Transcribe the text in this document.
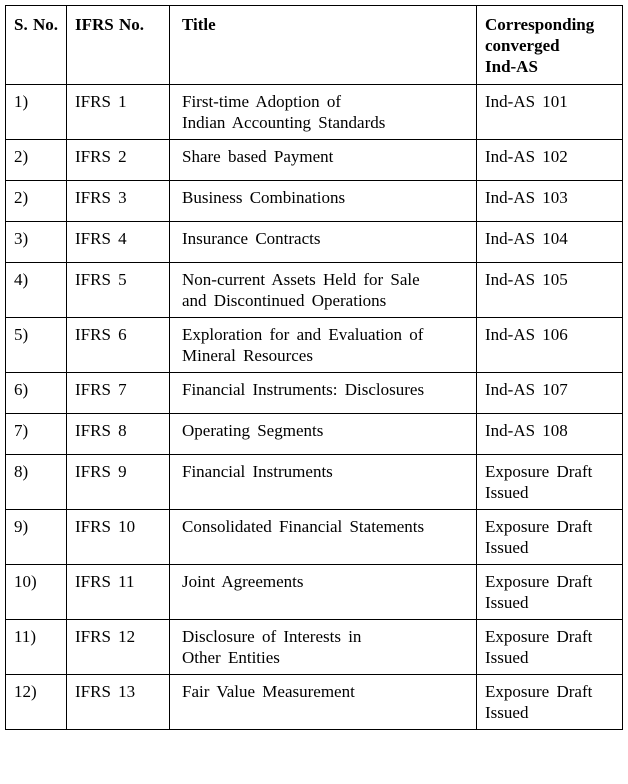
S. No.	IFRS No.	Title	Corresponding
converged
Ind-AS

1)	IFRS 1	First-time Adoption of
Indian Accounting Standards	Ind-AS 101

2)	IFRS 2	Share based Payment	Ind-AS 102

2)	IFRS 3	Business Combinations	Ind-AS 103

3)	IFRS 4	Insurance Contracts	Ind-AS 104

4)	IFRS 5	Non-current Assets Held for Sale
and Discontinued Operations	Ind-AS 105

5)	IFRS 6	Exploration for and Evaluation of
Mineral Resources	Ind-AS 106

6)	IFRS 7	Financial Instruments: Disclosures	Ind-AS 107

7)	IFRS 8	Operating Segments	Ind-AS 108

8)	IFRS 9	Financial Instruments	Exposure Draft
Issued

9)	IFRS 10	Consolidated Financial Statements	Exposure Draft
Issued

10)	IFRS 11	Joint Agreements	Exposure Draft
Issued

11)	IFRS 12	Disclosure of Interests in
Other Entities	Exposure Draft
Issued

12)	IFRS 13	Fair Value Measurement	Exposure Draft
Issued
